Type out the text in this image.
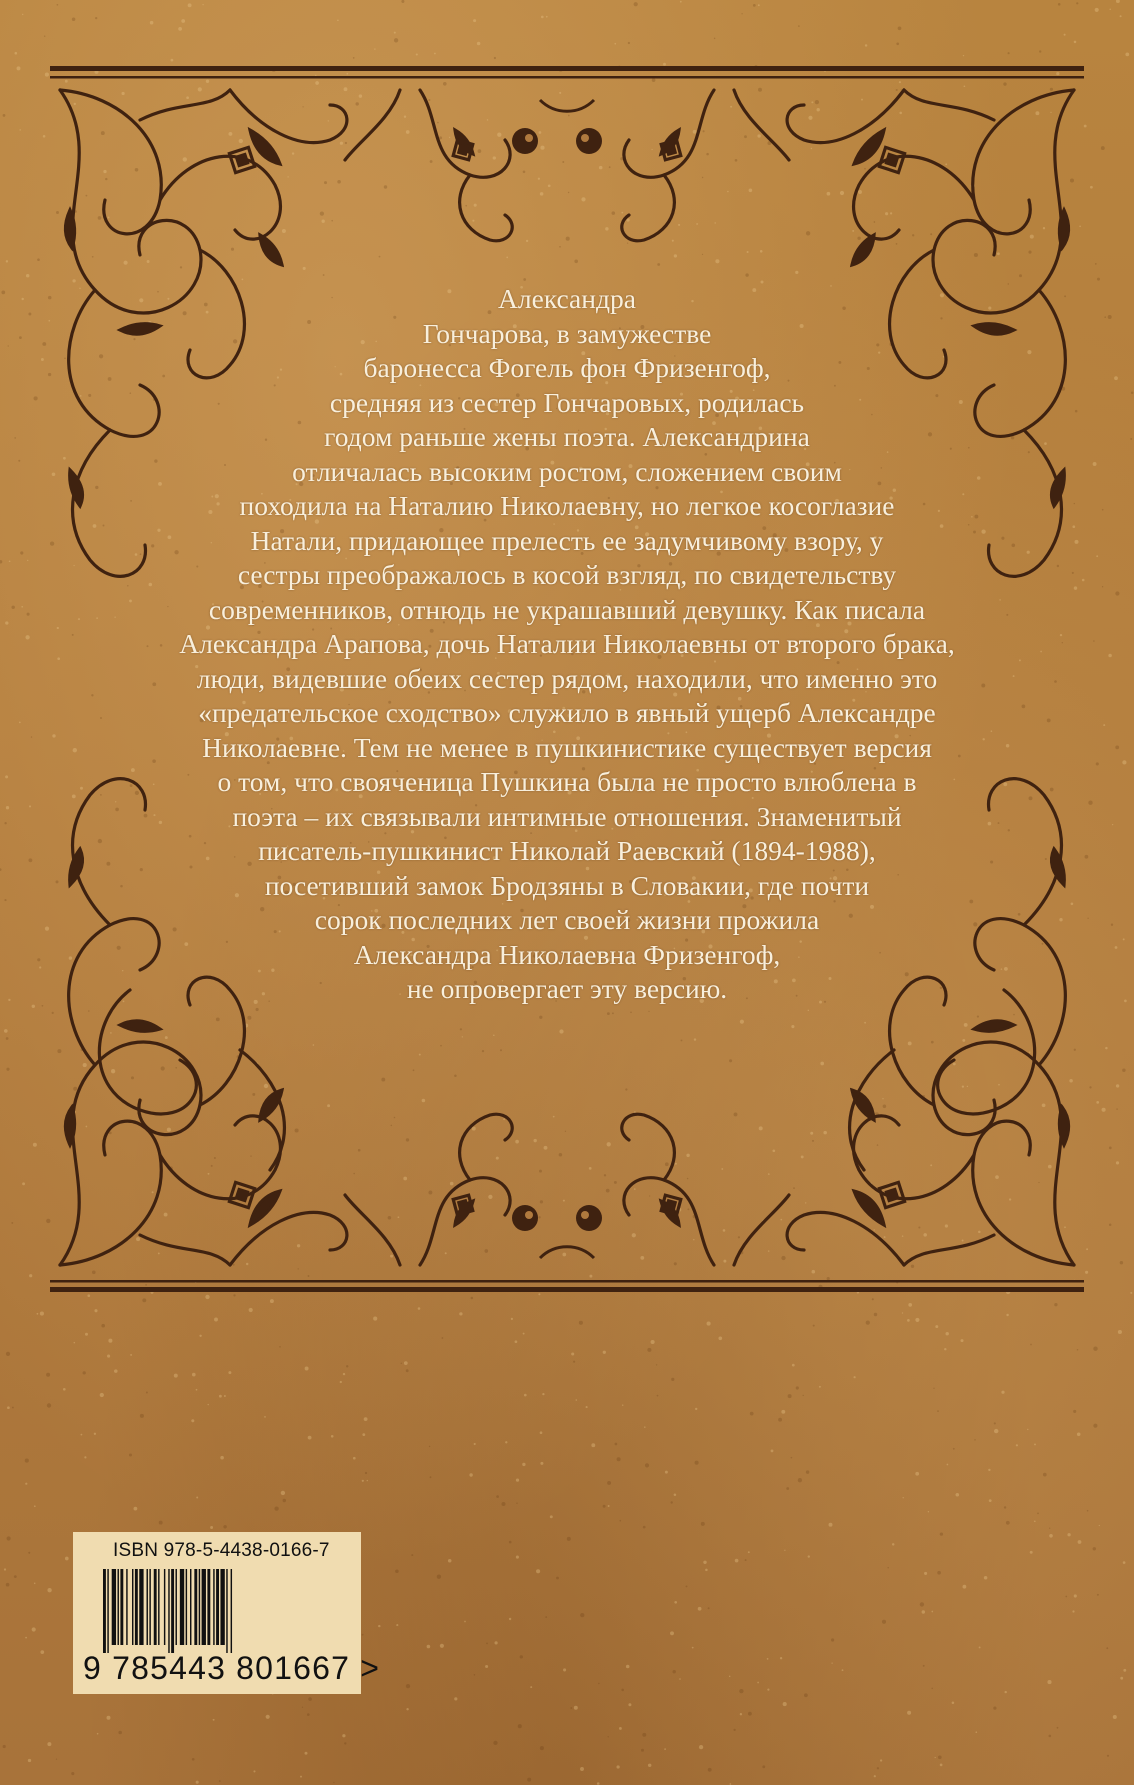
Александра
Гончарова, в замужестве
баронесса Фогель фон Фризенгоф,
средняя из сестер Гончаровых, родилась
годом раньше жены поэта. Александрина
отличалась высоким ростом, сложением своим
походила на Наталию Николаевну, но легкое косоглазие
Натали, придающее прелесть ее задумчивому взору, у
сестры преображалось в косой взгляд, по свидетельству
современников, отнюдь не украшавший девушку. Как писала
Александра Арапова, дочь Наталии Николаевны от второго брака,
люди, видевшие обеих сестер рядом, находили, что именно это
«предательское сходство» служило в явный ущерб Александре
Николаевне. Тем не менее в пушкинистике существует версия
о том, что свояченица Пушкина была не просто влюблена в
поэта – их связывали интимные отношения. Знаменитый
писатель-пушкинист Николай Раевский (1894-1988),
посетивший замок Бродзяны в Словакии, где почти
сорок последних лет своей жизни прожила
Александра Николаевна Фризенгоф,
не опровергает эту версию.
ISBN 978-5-4438-0166-7
9 785443 801667 >
